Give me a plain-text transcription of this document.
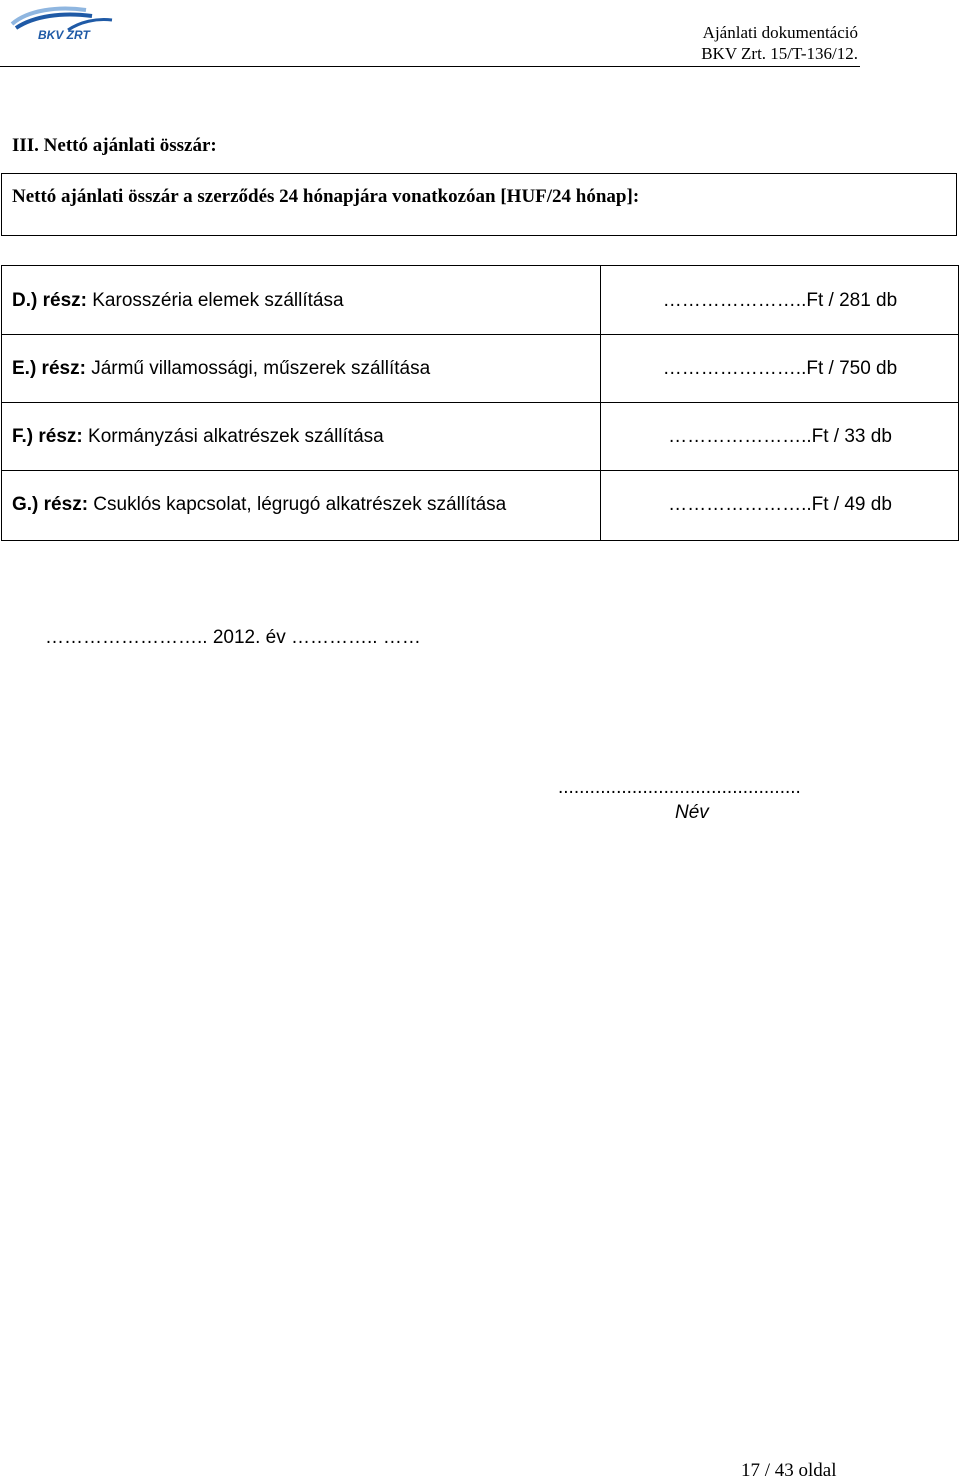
BKV ZRT	Ajánlati dokumentáció
BKV Zrt. 15/T-136/12.
III. Nettó ajánlati összár:
Nettó ajánlati összár a szerződés 24 hónapjára vonatkozóan [HUF/24 hónap]:
D.) rész: Karosszéria elemek szállítása	…………………..Ft / 281 db
E.) rész: Jármű villamossági, műszerek szállítása	…………………..Ft / 750 db
F.) rész: Kormányzási alkatrészek szállítása	…………………..Ft / 33 db
G.) rész: Csuklós kapcsolat, légrugó alkatrészek szállítása	…………………..Ft / 49 db
…………………….. 2012. év ………….. ……
..............................................
Név
17 / 43 oldal
